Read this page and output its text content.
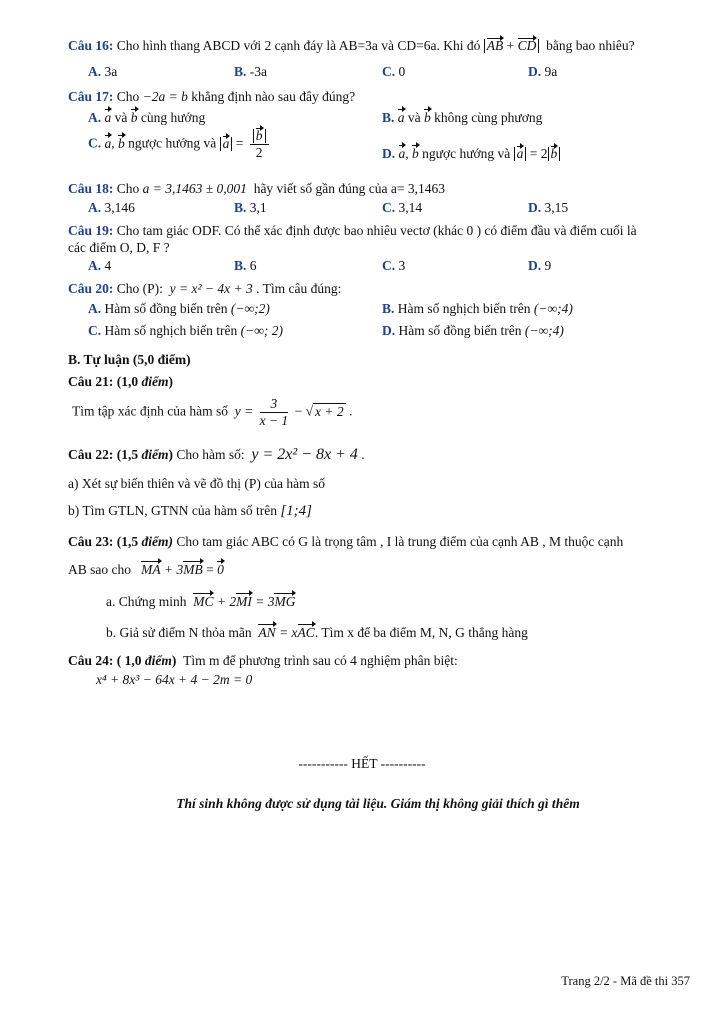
Câu 16: Cho hình thang ABCD với 2 cạnh đáy là AB=3a và CD=6a. Khi đó AB + CD bằng bao nhiêu?
A. 3a	B. -3a	C. 0	D. 9a
Câu 17: Cho −2a = b khẳng định nào sau đây đúng?
A. a và b cùng hướng	B. a và b không cùng phương
C. a, b ngược hướng và $a = \frac{b}{2}$	D. a, b ngược hướng và a = 2 b
Câu 18: Cho a = 3,1463 ± 0,001 hãy viết số gần đúng của a= 3,1463
A. 3,146	B. 3,1	C. 3,14	D. 3,15
Câu 19: Cho tam giác ODF. Có thể xác định được bao nhiêu vectơ (khác 0 ) có điểm đầu và điểm cuối là
các điểm O, D, F ?
A. 4	B. 6	C. 3	D. 9
Câu 20: Cho (P): y = x² − 4x + 3 . Tìm câu đúng:
A. Hàm số đồng biến trên (−∞;2)	B. Hàm số nghịch biến trên (−∞;4)
C. Hàm số nghịch biến trên (−∞; 2)	D. Hàm số đồng biến trên (−∞;4)
B. Tự luận (5,0 điểm)
Câu 21: (1,0 điểm)
Tìm tập xác định của hàm số $y = \frac{3}{x - 1}$ − √ x + 2 .
Câu 22: (1,5 điểm) Cho hàm số: y = 2x² − 8x + 4 .
a) Xét sự biến thiên và vẽ đồ thị (P) của hàm số
b) Tìm GTLN, GTNN của hàm số trên [1;4]
Câu 23: (1,5 điểm) Cho tam giác ABC có G là trọng tâm , I là trung điểm của cạnh AB , M thuộc cạnh
AB sao cho MA + 3MB = 0
a. Chứng minh MC + 2MI = 3MG
b. Giả sử điểm N thỏa mãn AN = xAC. Tìm x để ba điểm M, N, G thẳng hàng
Câu 24: ( 1,0 điểm) Tìm m để phương trình sau có 4 nghiệm phân biệt:
x⁴ + 8x³ − 64x + 4 − 2m = 0
----------- HẾT ----------
Thí sinh không được sử dụng tài liệu. Giám thị không giải thích gì thêm
Trang 2/2 - Mã đề thi 357
